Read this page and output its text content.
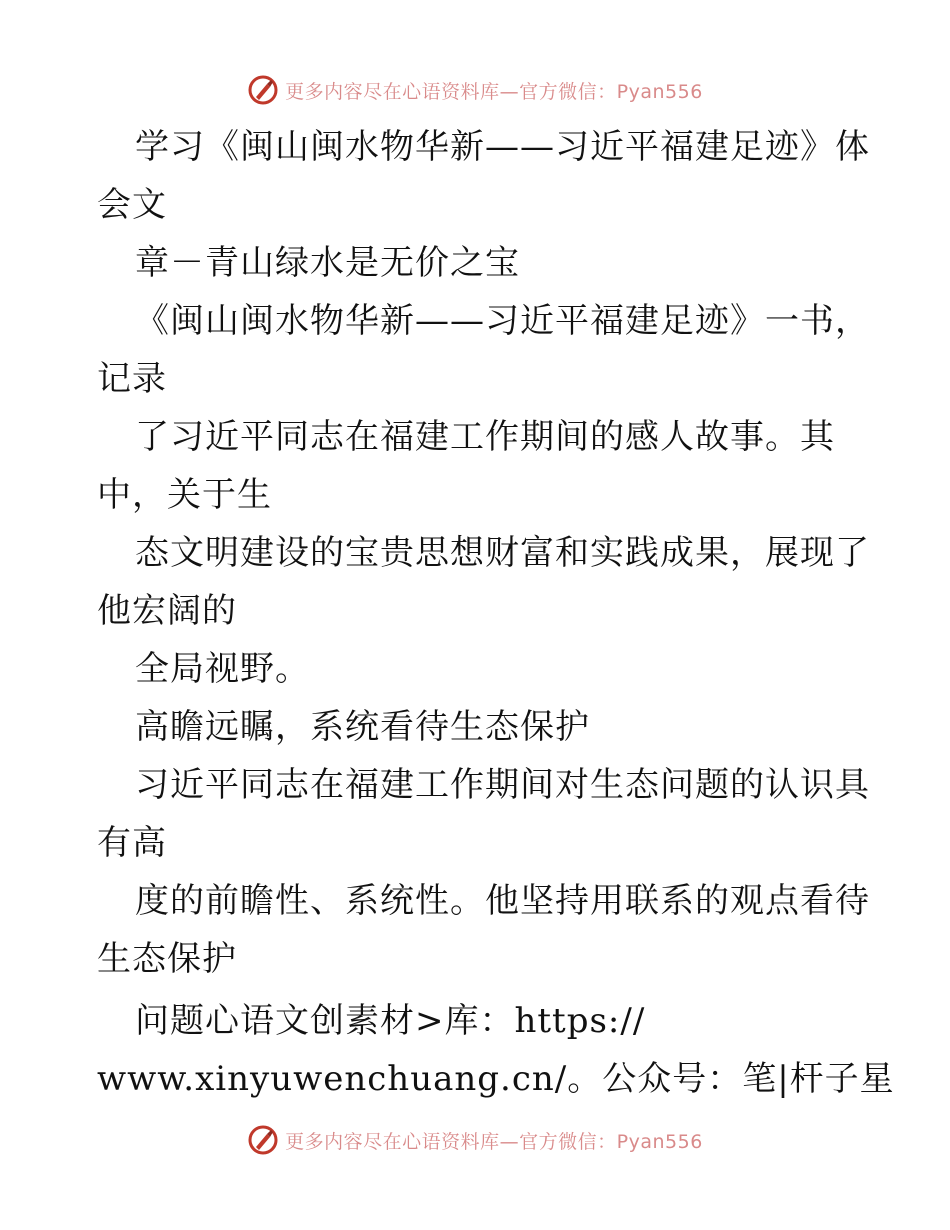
更多内容尽在心语资料库—官方微信：Pyan556
学习《闽山闽水物华新——习近平福建足迹》体
会文
章－青山绿水是无价之宝
《闽山闽水物华新——习近平福建足迹》一书，
记录
了习近平同志在福建工作期间的感人故事。其
中，关于生
态文明建设的宝贵思想财富和实践成果，展现了
他宏阔的
全局视野。
高瞻远瞩，系统看待生态保护
习近平同志在福建工作期间对生态问题的认识具
有高
度的前瞻性、系统性。他坚持用联系的观点看待
生态保护
问题心语文创素材>库：https://
www.xinyuwenchuang.cn/。公众号：笔|杆子星
更多内容尽在心语资料库—官方微信：Pyan556
